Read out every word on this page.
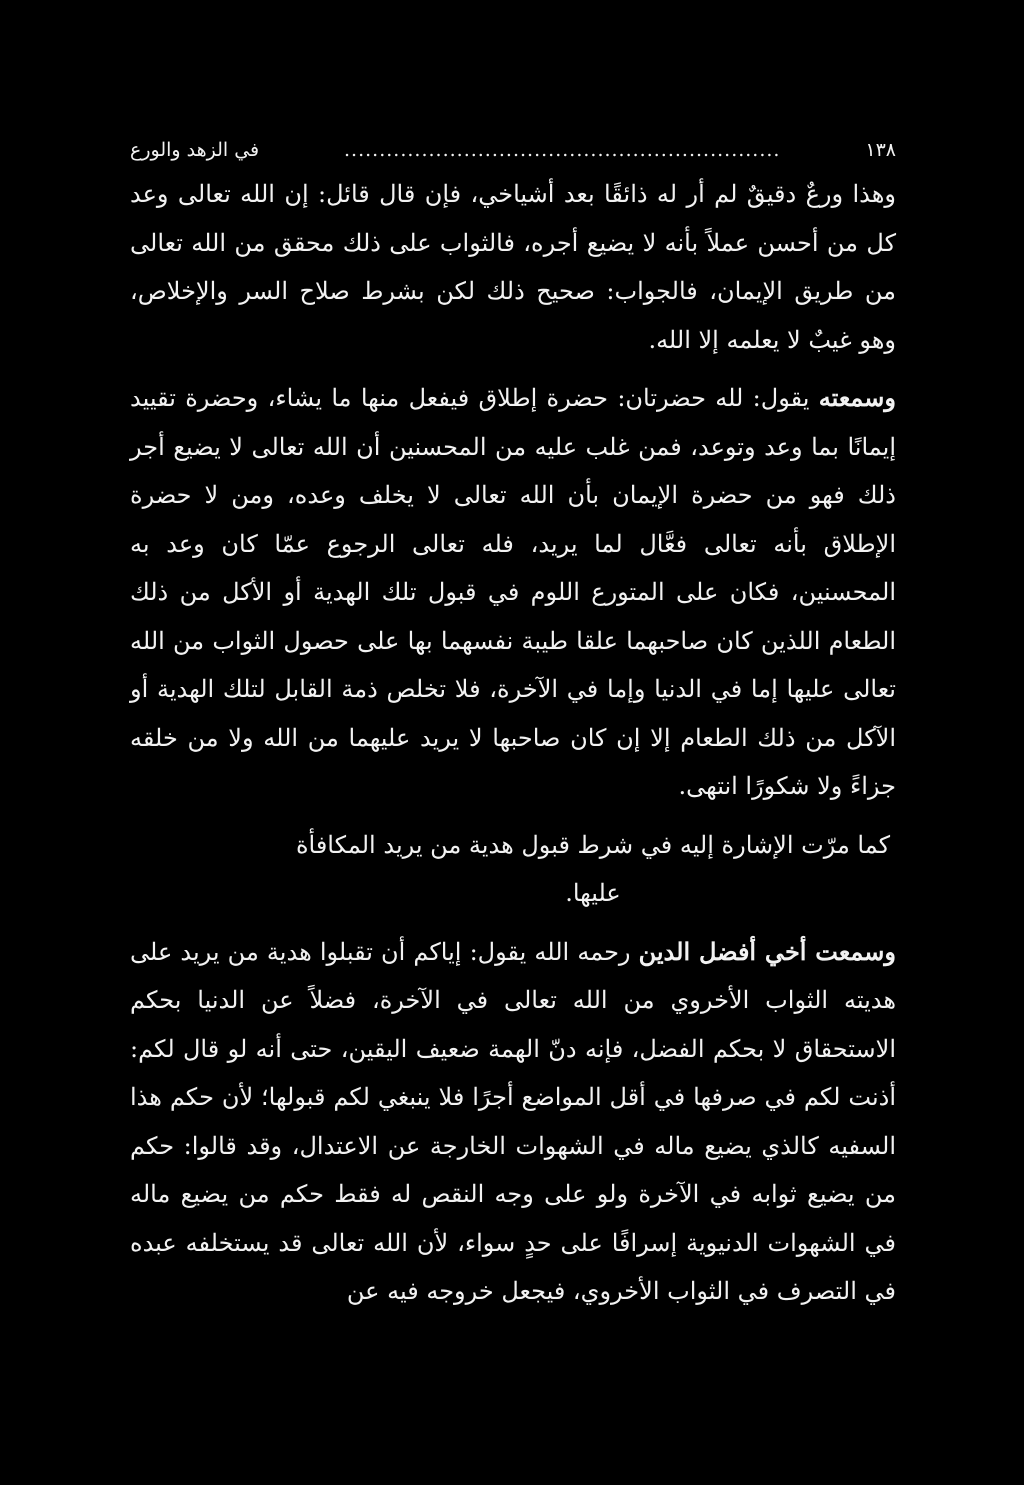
١٣٨
..............................................................
في الزهد والورع

وهذا ورعٌ دقيقٌ لم أر له ذائقًا بعد أشياخي، فإن قال قائل: إن الله تعالى وعد كل من أحسن عملاً بأنه لا يضيع أجره، فالثواب على ذلك محقق من الله تعالى من طريق الإيمان، فالجواب: صحيح ذلك لكن بشرط صلاح السر والإخلاص، وهو غيبٌ لا يعلمه إلا الله.

وسمعته يقول: لله حضرتان: حضرة إطلاق فيفعل منها ما يشاء، وحضرة تقييد إيمانًا بما وعد وتوعد، فمن غلب عليه من المحسنين أن الله تعالى لا يضيع أجر ذلك فهو من حضرة الإيمان بأن الله تعالى لا يخلف وعده، ومن لا حضرة الإطلاق بأنه تعالى فعَّال لما يريد، فله تعالى الرجوع عمّا كان وعد به المحسنين، فكان على المتورع اللوم في قبول تلك الهدية أو الأكل من ذلك الطعام اللذين كان صاحبهما علقا طيبة نفسهما بها على حصول الثواب من الله تعالى عليها إما في الدنيا وإما في الآخرة، فلا تخلص ذمة القابل لتلك الهدية أو الآكل من ذلك الطعام إلا إن كان صاحبها لا يريد عليهما من الله ولا من خلقه جزاءً ولا شكورًا انتهى.

كما مرّت الإشارة إليه في شرط قبول هدية من يريد المكافأة عليها.

وسمعت أخي أفضل الدين رحمه الله يقول: إياكم أن تقبلوا هدية من يريد على هديته الثواب الأخروي من الله تعالى في الآخرة، فضلاً عن الدنيا بحكم الاستحقاق لا بحكم الفضل، فإنه دنّ الهمة ضعيف اليقين، حتى أنه لو قال لكم: أذنت لكم في صرفها في أقل المواضع أجرًا فلا ينبغي لكم قبولها؛ لأن حكم هذا السفيه كالذي يضيع ماله في الشهوات الخارجة عن الاعتدال، وقد قالوا: حكم من يضيع ثوابه في الآخرة ولو على وجه النقص له فقط حكم من يضيع ماله في الشهوات الدنيوية إسرافًا على حدٍ سواء، لأن الله تعالى قد يستخلفه عبده في التصرف في الثواب الأخروي، فيجعل خروجه فيه عن
